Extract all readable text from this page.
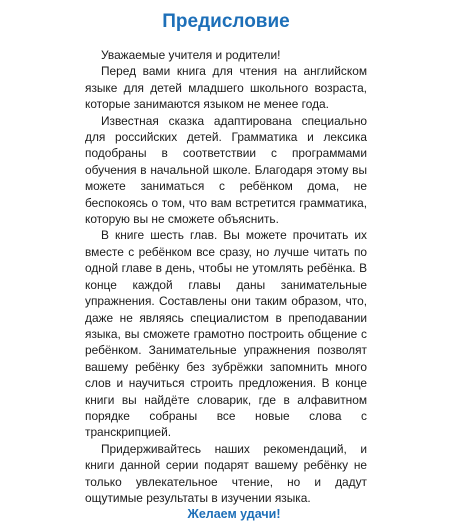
Предисловие

Уважаемые учителя и родители!

Перед вами книга для чтения на английском языке для детей младшего школьного возраста, которые занимаются языком не менее года.

Известная сказка адаптирована специально для российских детей. Грамматика и лексика подобраны в соответствии с программами обучения в начальной школе. Благодаря этому вы можете заниматься с ребёнком дома, не беспокоясь о том, что вам встретится грамматика, которую вы не сможете объяснить.

В книге шесть глав. Вы можете прочитать их вместе с ребёнком все сразу, но лучше читать по одной главе в день, чтобы не утомлять ребёнка. В конце каждой главы даны занимательные упражнения. Составлены они таким образом, что, даже не являясь специалистом в преподавании языка, вы сможете грамотно построить общение с ребёнком. Занимательные упражнения позволят вашему ребёнку без зубрёжки запомнить много слов и научиться строить предложения. В конце книги вы найдёте словарик, где в алфавитном порядке собраны все новые слова с транскрипцией.

Придерживайтесь наших рекомендаций, и книги данной серии подарят вашему ребёнку не только увлекательное чтение, но и дадут ощутимые результаты в изучении языка.

Желаем удачи!
